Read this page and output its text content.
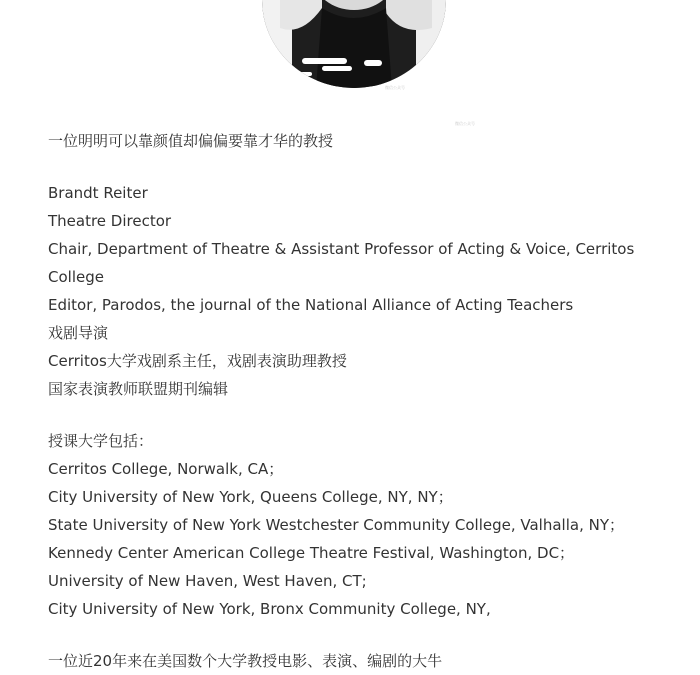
微信公众号
微信公众号

一位明明可以靠颜值却偏偏要靠才华的教授

Brandt Reiter

Theatre Director

Chair, Department of Theatre & Assistant Professor of Acting & Voice, Cerritos College

Editor, Parodos, the journal of the National Alliance of Acting Teachers

戏剧导演

Cerritos大学戏剧系主任，戏剧表演助理教授

国家表演教师联盟期刊编辑

授课大学包括：

Cerritos College, Norwalk, CA；

City University of New York, Queens College, NY, NY；

State University of New York Westchester Community College, Valhalla, NY；

Kennedy Center American College Theatre Festival, Washington, DC；

University of New Haven, West Haven, CT;

City University of New York, Bronx Community College, NY,

一位近20年来在美国数个大学教授电影、表演、编剧的大牛
